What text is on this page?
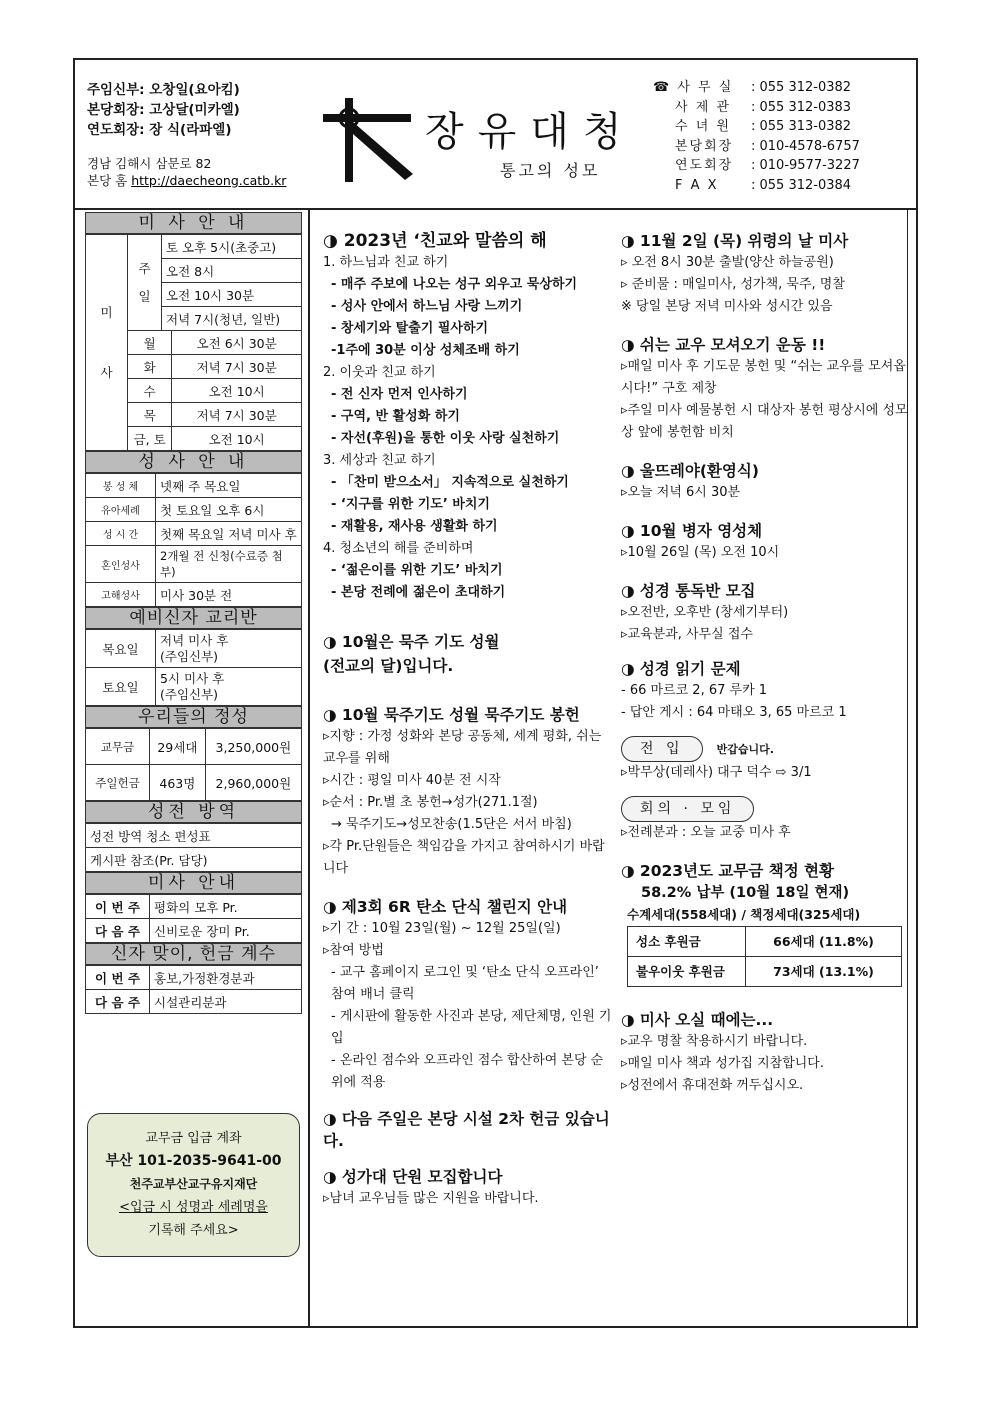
주임신부: 오창일(요아킴)
본당회장: 고상달(미카엘)
연도회장: 장 식(라파엘)
경남 김해시 삼문로 82
본당 홈 http://daecheong.catb.kr
장유대청
통고의 성모
☎ 사 무 실	: 055 312-0382
사 제 관	: 055 312-0383
수 녀 원	: 055 313-0382
본당회장	: 010-4578-6757
연도회장	: 010-9577-3227
F A X	: 055 312-0384
미 사 안 내
미
사	주
일	토 오후 5시(초중고)	
		오전 8시	
		오전 10시 30분	
		저녁 7시(청년, 일반)	
	월		오전 6시 30분
	화		저녁 7시 30분
	수		오전 10시
	목		저녁 7시 30분
	금, 토		오전 10시
성 사 안 내
봉 성 체	넷째 주 목요일
유아세례	첫 토요일 오후 6시
성 시 간	첫째 목요일 저녁 미사 후
혼인성사	2개월 전 신청(수료증 첨부)
고해성사	미사 30분 전
예비신자 교리반
목요일	저녁 미사 후
(주임신부)
토요일	5시 미사 후
(주임신부)
우리들의 정성
교무금	29세대	3,250,000원
주일헌금	463명	2,960,000원
성전 방역
성전 방역 청소 편성표
게시판 참조(Pr. 담당)
미사 안내
이 번 주	평화의 모후 Pr.
다 음 주	신비로운 장미 Pr.
신자 맞이, 헌금 계수
이 번 주	홍보,가정환경분과
다 음 주	시설관리분과
교무금 입금 계좌
부산 101-2035-9641-00
천주교부산교구유지재단
<입금 시 성명과 세례명을
기록해 주세요>
◑ 2023년 ‘친교와 말씀의 해
1. 하느님과 친교 하기
- 매주 주보에 나오는 성구 외우고 묵상하기
- 성사 안에서 하느님 사랑 느끼기
- 창세기와 탈출기 필사하기
-1주에 30분 이상 성체조배 하기
2. 이웃과 친교 하기
- 전 신자 먼저 인사하기
- 구역, 반 활성화 하기
- 자선(후원)을 통한 이웃 사랑 실천하기
3. 세상과 친교 하기
- 「찬미 받으소서」 지속적으로 실천하기
- ‘지구를 위한 기도’ 바치기
- 재활용, 재사용 생활화 하기
4. 청소년의 해를 준비하며
- ‘젊은이를 위한 기도’ 바치기
- 본당 전례에 젊은이 초대하기
◑ 10월은 묵주 기도 성월
(전교의 달)입니다.
◑ 10월 묵주기도 성월 묵주기도 봉헌
▹지향 : 가정 성화와 본당 공동체, 세계 평화, 쉬는 교우를 위해
▹시간 : 평일 미사 40분 전 시작
▹순서 : Pr.별 초 봉헌→성가(271.1절)
→ 묵주기도→성모찬송(1.5단은 서서 바침)
▹각 Pr.단원들은 책임감을 가지고 참여하시기 바랍니다
◑ 제3회 6R 탄소 단식 챌린지 안내
▹기 간 : 10월 23일(월) ~ 12월 25일(일)
▹참여 방법
- 교구 홈페이지 로그인 및 ‘탄소 단식 오프라인’ 참여 배너 클릭
- 게시판에 활동한 사진과 본당, 제단체명, 인원 기입
- 온라인 점수와 오프라인 점수 합산하여 본당 순위에 적용
◑ 다음 주일은 본당 시설 2차 헌금 있습니다.
◑ 성가대 단원 모집합니다
▹남녀 교우님들 많은 지원을 바랍니다.
◑ 11월 2일 (목) 위령의 날 미사
▹ 오전 8시 30분 출발(양산 하늘공원)
▹ 준비물 : 매일미사, 성가책, 묵주, 명찰
※ 당일 본당 저녁 미사와 성시간 있음
◑ 쉬는 교우 모셔오기 운동 !!
▹매일 미사 후 기도문 봉헌 및 “쉬는 교우를 모셔옵시다!” 구호 제창
▹주일 미사 예물봉헌 시 대상자 봉헌 평상시에 성모상 앞에 봉헌함 비치
◑ 울뜨레야(환영식)
▹오늘 저녁 6시 30분
◑ 10월 병자 영성체
▹10월 26일 (목) 오전 10시
◑ 성경 통독반 모집
▹오전반, 오후반 (창세기부터)
▹교육분과, 사무실 접수
◑ 성경 읽기 문제
- 66 마르코 2, 67 루카 1
- 답안 게시 : 64 마태오 3, 65 마르코 1
전 입	반갑습니다.
▹박무상(데레사) 대구 덕수 ⇨ 3/1
회의 · 모임
▹전례분과 : 오늘 교중 미사 후
◑ 2023년도 교무금 책정 현황
58.2% 납부 (10월 18일 현재)
수계세대(558세대) / 책정세대(325세대)
성소 후원금	66세대 (11.8%)
불우이웃 후원금	73세대 (13.1%)
◑ 미사 오실 때에는...
▹교우 명찰 착용하시기 바랍니다.
▹매일 미사 책과 성가집 지참합니다.
▹성전에서 휴대전화 꺼두십시오.
